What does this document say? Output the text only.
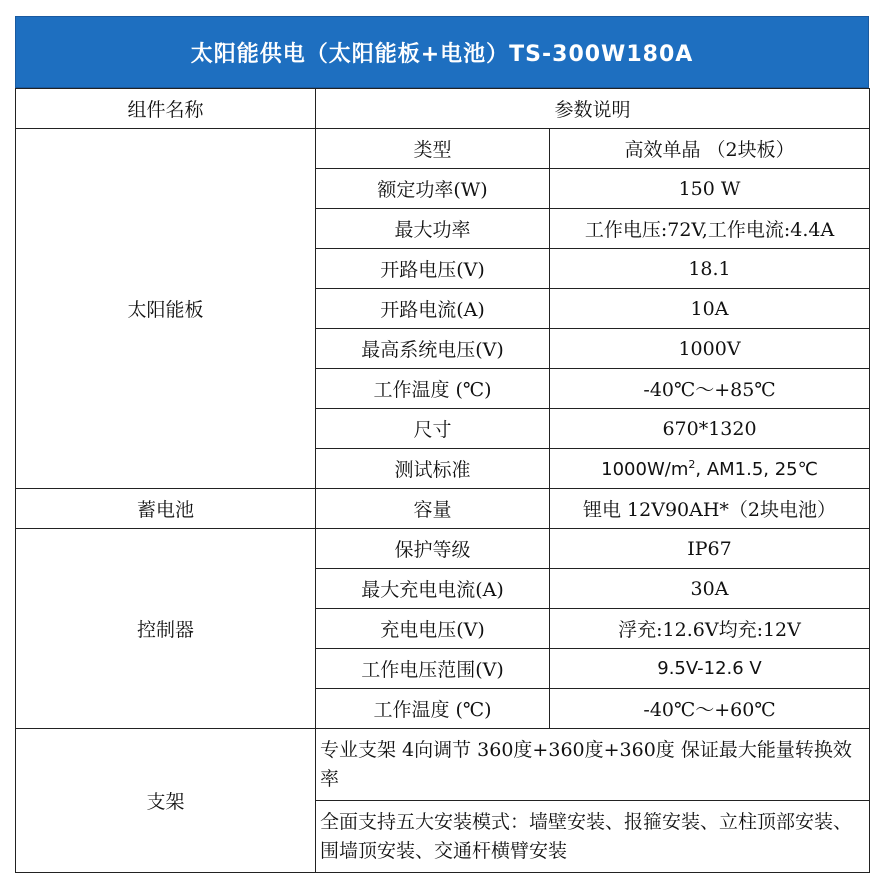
太阳能供电（太阳能板+电池）TS-300W180A
组件名称	参数说明	
太阳能板	类型	高效单晶 （2块板）
	额定功率(W)	150 W
	最大功率	工作电压:72V,工作电流:4.4A
	开路电压(V)	18.1
	开路电流(A)	10A
	最高系统电压(V)	1000V
	工作温度 (℃)	-40℃～+85℃
	尺寸	670*1320
	测试标准	$1000W/m^2$, AM1.5, 25℃
蓄电池	容量	锂电 12V90AH*（2块电池）
控制器	保护等级	IP67
	最大充电电流(A)	30A
	充电电压(V)	浮充:12.6V均充:12V
	工作电压范围(V)	9.5V-12.6 V
	工作温度 (℃)	-40℃～+60℃
支架	专业支架 4向调节 360度+360度+360度 保证最大能量转换效率	
	全面支持五大安装模式：墙壁安装、报箍安装、立柱顶部安装、围墙顶安装、交通杆横臂安装	
